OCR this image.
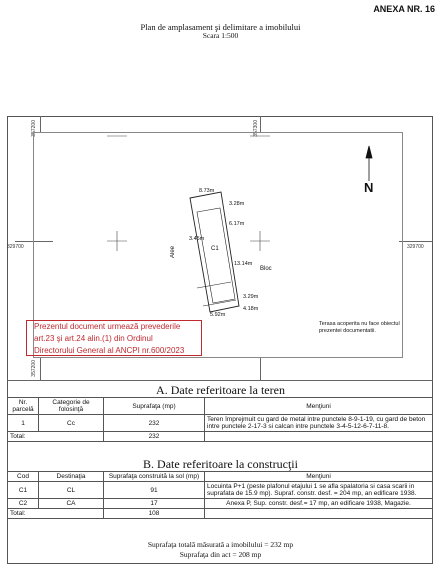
ANEXA NR. 16
Plan de amplasament şi delimitare a imobilului
Scara 1:500
357200	357300
357200
329700	329700
N
C1
Bloc
Alee
8.73m
3.28m
6.17m
13.14m
3.29m
5.92m
3.45m
4.18m
Terasa acoperita nu face obiectul prezentei documentatii.
Prezentul document urmează prevederile
art.23 şi art.24 alin.(1) din Ordinul
Directorului General al ANCPI nr.600/2023
A. Date referitoare la teren
Nr. parcelă	Categorie de folosinţă	Suprafaţa (mp)	Menţiuni
1	Cc	232	Teren împrejmuit cu gard de metal intre punctele 8-9-1-19, cu gard de beton intre punctele 2-17-3 si calcan intre punctele 3-4-5-12-6-7-11-8.
Total:		232	
B. Date referitoare la construcţii
Cod	Destinaţia	Suprafaţa construită la sol (mp)	Menţiuni
C1	CL	91	Locuinta P+1 (peste plafonul etajului 1 se afla spalatoria si casa scarii in suprafata de 15.9 mp). Supraf. constr. desf. = 204 mp, an edificare 1938.
C2	CA	17	Anexa P, Sup. constr. desf.= 17 mp, an edificare 1938, Magazie.
Total:		108	
Suprafaţa totală măsurată a imobilului = 232 mp
Suprafaţa din act = 208 mp
